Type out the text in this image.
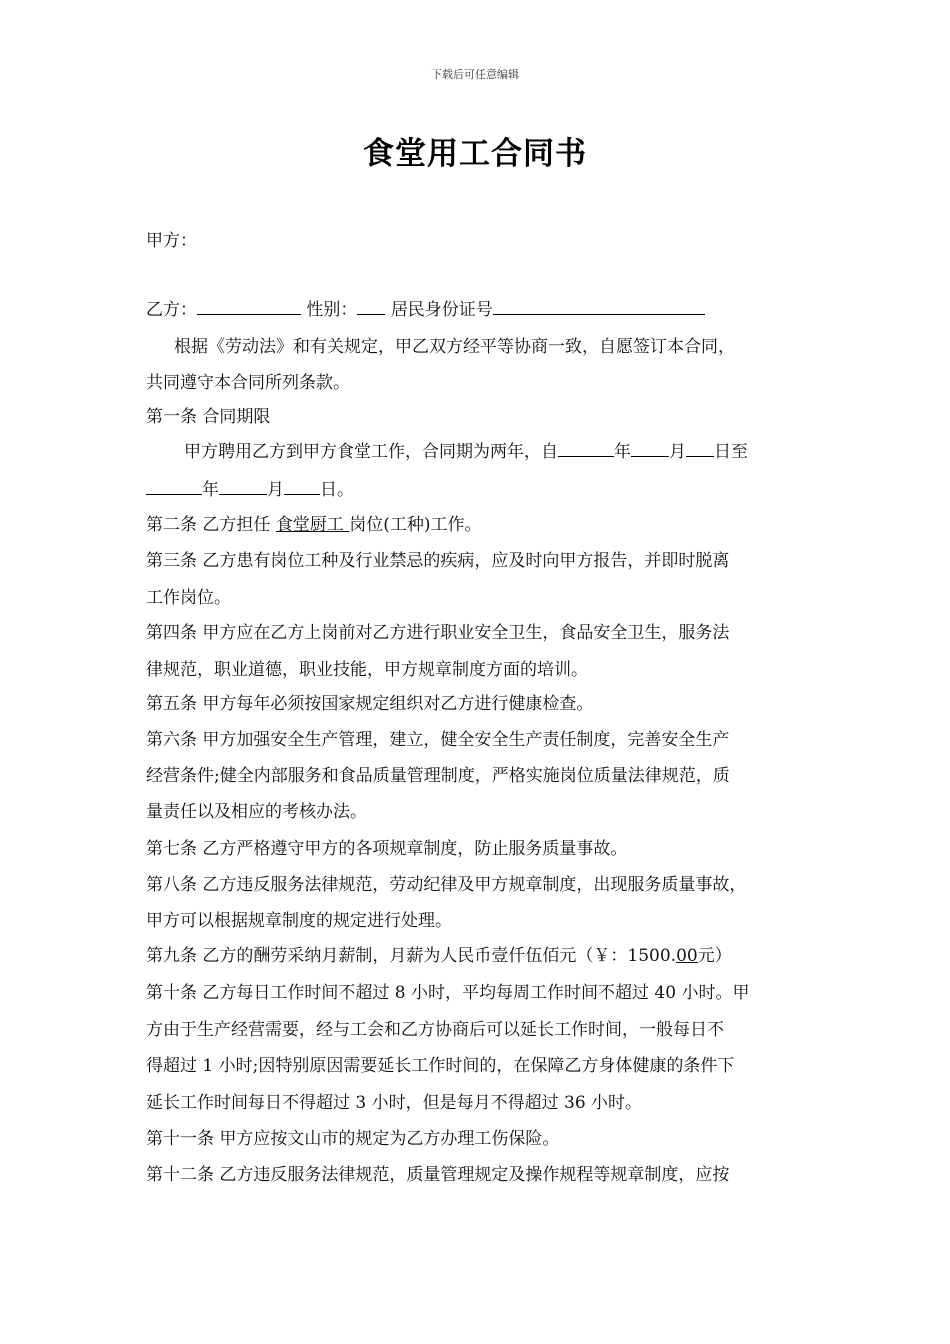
下载后可任意编辑
食堂用工合同书
甲方：
乙方：	性别： 居民身份证号
根据《劳动法》和有关规定，甲乙双方经平等协商一致，自愿签订本合同，
共同遵守本合同所列条款。
第一条 合同期限
甲方聘用乙方到甲方食堂工作，合同期为两年，自	年 月 日至
年	月 日。
第二条 乙方担任 食堂厨工 岗位(工种)工作。
第三条 乙方患有岗位工种及行业禁忌的疾病，应及时向甲方报告，并即时脱离
工作岗位。
第四条 甲方应在乙方上岗前对乙方进行职业安全卫生，食品安全卫生，服务法
律规范，职业道德，职业技能，甲方规章制度方面的培训。
第五条 甲方每年必须按国家规定组织对乙方进行健康检查。
第六条 甲方加强安全生产管理，建立，健全安全生产责任制度，完善安全生产
经营条件;健全内部服务和食品质量管理制度，严格实施岗位质量法律规范，质
量责任以及相应的考核办法。
第七条 乙方严格遵守甲方的各项规章制度，防止服务质量事故。
第八条 乙方违反服务法律规范，劳动纪律及甲方规章制度，出现服务质量事故，
甲方可以根据规章制度的规定进行处理。
第九条 乙方的酬劳采纳月薪制，月薪为人民币壹仟伍佰元（￥：1500.00元）
第十条 乙方每日工作时间不超过 8 小时，平均每周工作时间不超过 40 小时。甲
方由于生产经营需要，经与工会和乙方协商后可以延长工作时间，一般每日不
得超过 1 小时;因特别原因需要延长工作时间的，在保障乙方身体健康的条件下
延长工作时间每日不得超过 3 小时，但是每月不得超过 36 小时。
第十一条 甲方应按文山市的规定为乙方办理工伤保险。
第十二条 乙方违反服务法律规范，质量管理规定及操作规程等规章制度，应按
